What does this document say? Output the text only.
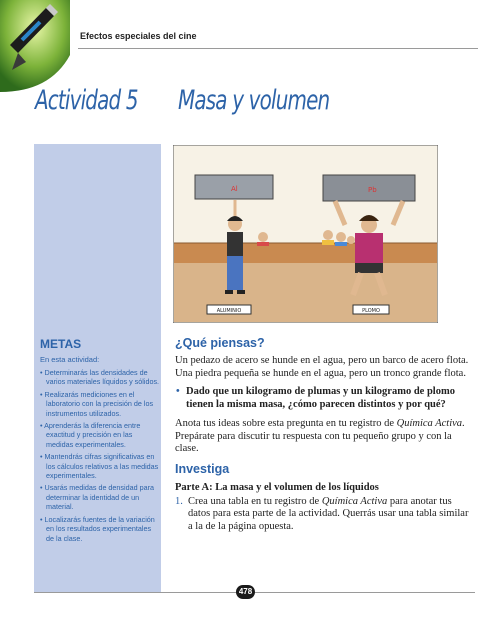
Efectos especiales del cine
Actividad 5 Masa y volumen
METAS
En esta actividad:
• Determinarás las densidades de varios materiales líquidos y sólidos.
• Realizarás mediciones en el laboratorio con la precisión de los instrumentos utilizados.
• Aprenderás la diferencia entre exactitud y precisión en las medidas experimentales.
• Mantendrás cifras significativas en los cálculos relativos a las medidas experimentales.
• Usarás medidas de densidad para determinar la identidad de un material.
• Localizarás fuentes de la variación en los resultados experimentales de la clase.
Al	Pb
ALUMINIO	PLOMO
¿Qué piensas?

Un pedazo de acero se hunde en el agua, pero un barco de acero flota. Una piedra pequeña se hunde en el agua, pero un tronco grande flota.

• Dado que un kilogramo de plumas y un kilogramo de plomo tienen la misma masa, ¿cómo parecen distintos y por qué?

Anota tus ideas sobre esta pregunta en tu registro de Química Activa. Prepárate para discutir tu respuesta con tu pequeño grupo y con la clase.

Investiga
Parte A: La masa y el volumen de los líquidos
1. Crea una tabla en tu registro de Química Activa para anotar tus datos para esta parte de la actividad. Querrás usar una tabla similar a la de la página opuesta.
478
